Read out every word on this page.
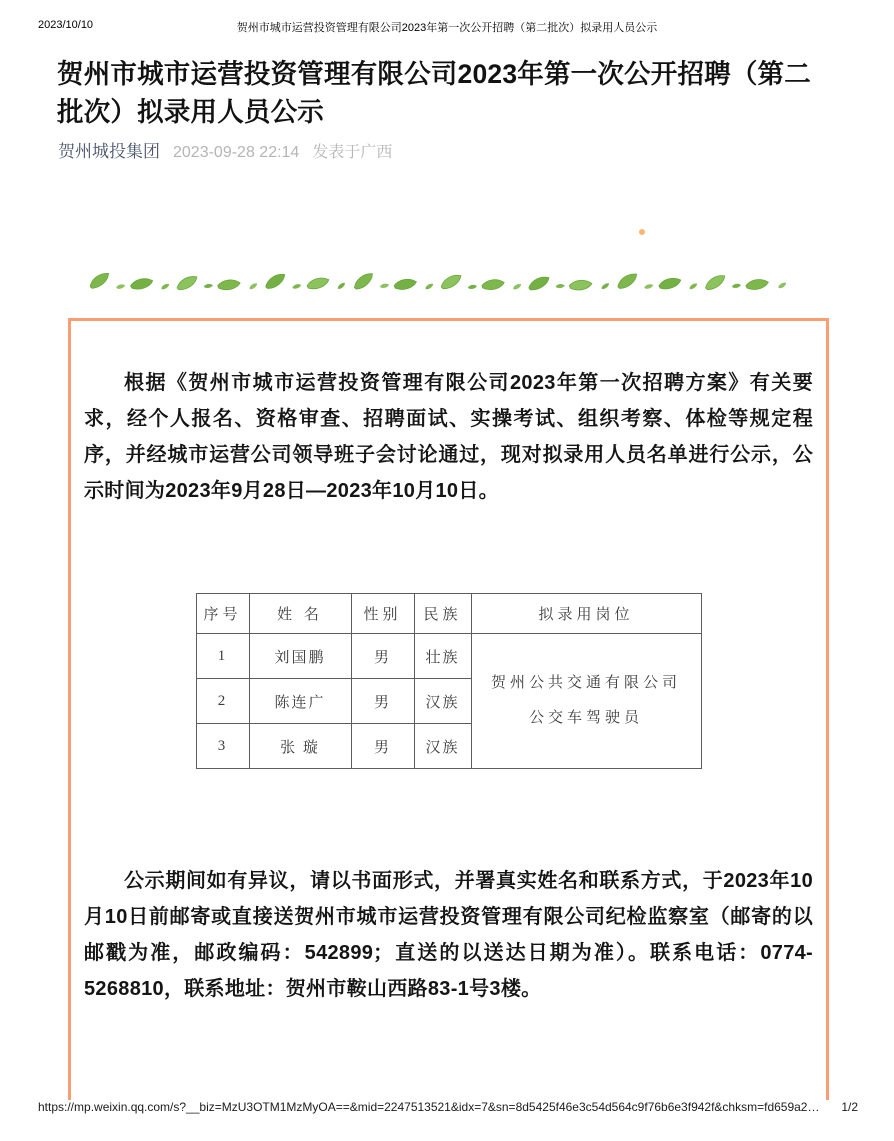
2023/10/10	贺州市城市运营投资管理有限公司2023年第一次公开招聘（第二批次）拟录用人员公示
贺州市城市运营投资管理有限公司2023年第一次公开招聘（第二批次）拟录用人员公示
贺州城投集团 2023-09-28 22:14 发表于广西

根据《贺州市城市运营投资管理有限公司2023年第一次招聘方案》有关要求，经个人报名、资格审查、招聘面试、实操考试、组织考察、体检等规定程序，并经城市运营公司领导班子会讨论通过，现对拟录用人员名单进行公示，公示时间为2023年9月28日—2023年10月10日。

序号	姓 名	性别	民族	拟录用岗位
1	刘国鹏	男	壮族	贺州公共交通有限公司
公交车驾驶员

2	陈连广	男	汉族	
3	张 璇	男	汉族	

公示期间如有异议，请以书面形式，并署真实姓名和联系方式，于2023年10月10日前邮寄或直接送贺州市城市运营投资管理有限公司纪检监察室（邮寄的以邮戳为准，邮政编码：542899；直送的以送达日期为准）。联系电话：0774-5268810，联系地址：贺州市鞍山西路83-1号3楼。

https://mp.weixin.qq.com/s?__biz=MzU3OTM1MzMyOA==&mid=2247513521&idx=7&sn=8d5425f46e3c54d564c9f76b6e3f942f&chksm=fd659a2… 1/2
